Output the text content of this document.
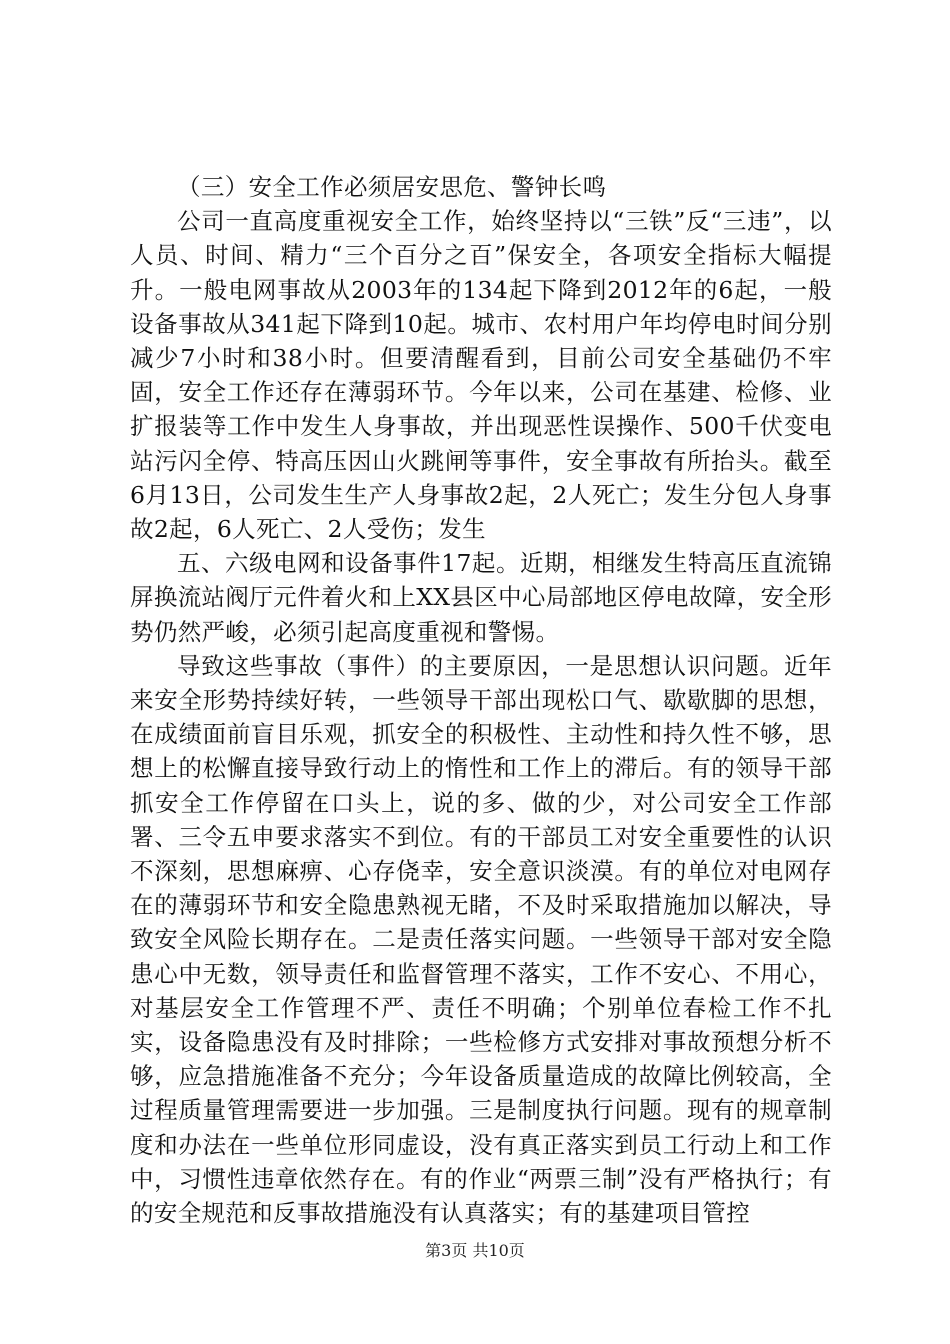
（三）安全工作必须居安思危、警钟长鸣

公司一直高度重视安全工作，始终坚持以“三铁”反“三违”，以人员、时间、精力“三个百分之百”保安全，各项安全指标大幅提升。一般电网事故从2003年的134起下降到2012年的6起，一般设备事故从341起下降到10起。城市、农村用户年均停电时间分别减少7小时和38小时。但要清醒看到，目前公司安全基础仍不牢固，安全工作还存在薄弱环节。今年以来，公司在基建、检修、业扩报装等工作中发生人身事故，并出现恶性误操作、500千伏变电站污闪全停、特高压因山火跳闸等事件，安全事故有所抬头。截至6月13日，公司发生生产人身事故2起，2人死亡；发生分包人身事故2起，6人死亡、2人受伤；发生

五、六级电网和设备事件17起。近期，相继发生特高压直流锦屏换流站阀厅元件着火和上XX县区中心局部地区停电故障，安全形势仍然严峻，必须引起高度重视和警惕。

导致这些事故（事件）的主要原因，一是思想认识问题。近年来安全形势持续好转，一些领导干部出现松口气、歇歇脚的思想，在成绩面前盲目乐观，抓安全的积极性、主动性和持久性不够，思想上的松懈直接导致行动上的惰性和工作上的滞后。有的领导干部抓安全工作停留在口头上，说的多、做的少，对公司安全工作部署、三令五申要求落实不到位。有的干部员工对安全重要性的认识不深刻，思想麻痹、心存侥幸，安全意识淡漠。有的单位对电网存在的薄弱环节和安全隐患熟视无睹，不及时采取措施加以解决，导致安全风险长期存在。二是责任落实问题。一些领导干部对安全隐患心中无数，领导责任和监督管理不落实，工作不安心、不用心，对基层安全工作管理不严、责任不明确；个别单位春检工作不扎实，设备隐患没有及时排除；一些检修方式安排对事故预想分析不够，应急措施准备不充分；今年设备质量造成的故障比例较高，全过程质量管理需要进一步加强。三是制度执行问题。现有的规章制度和办法在一些单位形同虚设，没有真正落实到员工行动上和工作中，习惯性违章依然存在。有的作业“两票三制”没有严格执行；有的安全规范和反事故措施没有认真落实；有的基建项目管控

第3页 共10页
